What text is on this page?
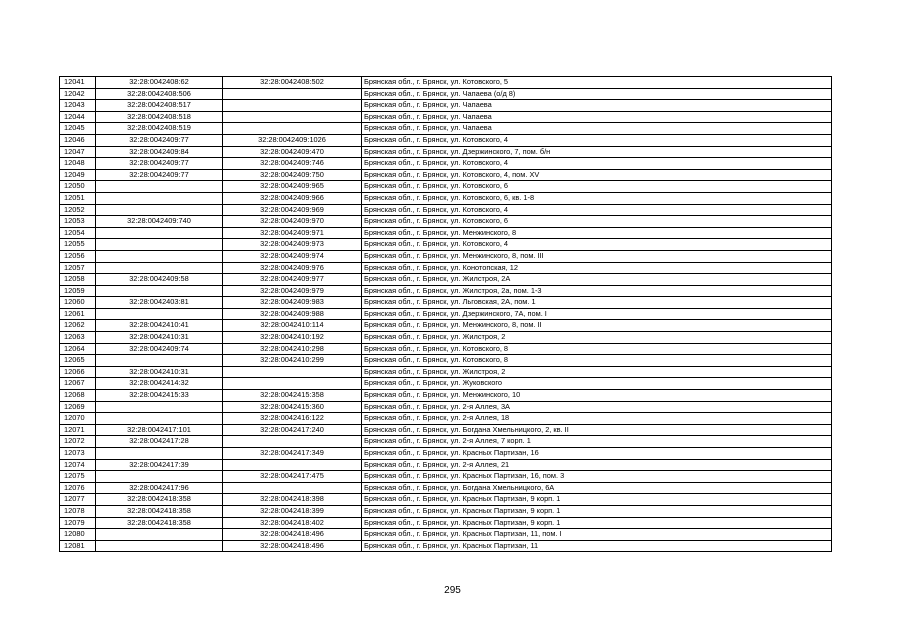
12041	32:28:0042408:62	32:28:0042408:502	Брянская обл., г. Брянск, ул. Котовского, 5
12042	32:28:0042408:506		Брянская обл., г. Брянск, ул. Чапаева (о/д 8)
12043	32:28:0042408:517		Брянская обл., г. Брянск, ул. Чапаева
12044	32:28:0042408:518		Брянская обл., г. Брянск, ул. Чапаева
12045	32:28:0042408:519		Брянская обл., г. Брянск, ул. Чапаева
12046	32:28:0042409:77	32:28:0042409:1026	Брянская обл., г. Брянск, ул. Котовского, 4
12047	32:28:0042409:84	32:28:0042409:470	Брянская обл., г. Брянск, ул. Дзержинского, 7, пом. б/н
12048	32:28:0042409:77	32:28:0042409:746	Брянская обл., г. Брянск, ул. Котовского, 4
12049	32:28:0042409:77	32:28:0042409:750	Брянская обл., г. Брянск, ул. Котовского, 4, пом. XV
12050		32:28:0042409:965	Брянская обл., г. Брянск, ул. Котовского, 6
12051		32:28:0042409:966	Брянская обл., г. Брянск, ул. Котовского, 6, кв. 1-8
12052		32:28:0042409:969	Брянская обл., г. Брянск, ул. Котовского, 4
12053	32:28:0042409:740	32:28:0042409:970	Брянская обл., г. Брянск, ул. Котовского, 6
12054		32:28:0042409:971	Брянская обл., г. Брянск, ул. Менжинского, 8
12055		32:28:0042409:973	Брянская обл., г. Брянск, ул. Котовского, 4
12056		32:28:0042409:974	Брянская обл., г. Брянск, ул. Менжинского, 8, пом. III
12057		32:28:0042409:976	Брянская обл., г. Брянск, ул. Конотопская, 12
12058	32:28:0042409:58	32:28:0042409:977	Брянская обл., г. Брянск, ул. Жилстроя, 2А
12059		32:28:0042409:979	Брянская обл., г. Брянск, ул. Жилстроя, 2а, пом. 1-3
12060	32:28:0042403:81	32:28:0042409:983	Брянская обл., г. Брянск, ул. Льговская, 2А, пом. 1
12061		32:28:0042409:988	Брянская обл., г. Брянск, ул. Дзержинского, 7А, пом. I
12062	32:28:0042410:41	32:28:0042410:114	Брянская обл., г. Брянск, ул. Менжинского, 8, пом. II
12063	32:28:0042410:31	32:28:0042410:192	Брянская обл., г. Брянск, ул. Жилстроя, 2
12064	32:28:0042409:74	32:28:0042410:298	Брянская обл., г. Брянск, ул. Котовского, 8
12065		32:28:0042410:299	Брянская обл., г. Брянск, ул. Котовского, 8
12066	32:28:0042410:31		Брянская обл., г. Брянск, ул. Жилстроя, 2
12067	32:28:0042414:32		Брянская обл., г. Брянск, ул. Жуковского
12068	32:28:0042415:33	32:28:0042415:358	Брянская обл., г. Брянск, ул. Менжинского, 10
12069		32:28:0042415:360	Брянская обл., г. Брянск, ул. 2-я Аллея, 3А
12070		32:28:0042416:122	Брянская обл., г. Брянск, ул. 2-я Аллея, 18
12071	32:28:0042417:101	32:28:0042417:240	Брянская обл., г. Брянск, ул. Богдана Хмельницкого, 2, кв. II
12072	32:28:0042417:28		Брянская обл., г. Брянск, ул. 2-я Аллея, 7 корп. 1
12073		32:28:0042417:349	Брянская обл., г. Брянск, ул. Красных Партизан, 16
12074	32:28:0042417:39		Брянская обл., г. Брянск, ул. 2-я Аллея, 21
12075		32:28:0042417:475	Брянская обл., г. Брянск, ул. Красных Партизан, 16, пом. 3
12076	32:28:0042417:96		Брянская обл., г. Брянск, ул. Богдана Хмельницкого, 6А
12077	32:28:0042418:358	32:28:0042418:398	Брянская обл., г. Брянск, ул. Красных Партизан, 9 корп. 1
12078	32:28:0042418:358	32:28:0042418:399	Брянская обл., г. Брянск, ул. Красных Партизан, 9 корп. 1
12079	32:28:0042418:358	32:28:0042418:402	Брянская обл., г. Брянск, ул. Красных Партизан, 9 корп. 1
12080		32:28:0042418:496	Брянская обл., г. Брянск, ул. Красных Партизан, 11, пом. I
12081		32:28:0042418:496	Брянская обл., г. Брянск, ул. Красных Партизан, 11
295
